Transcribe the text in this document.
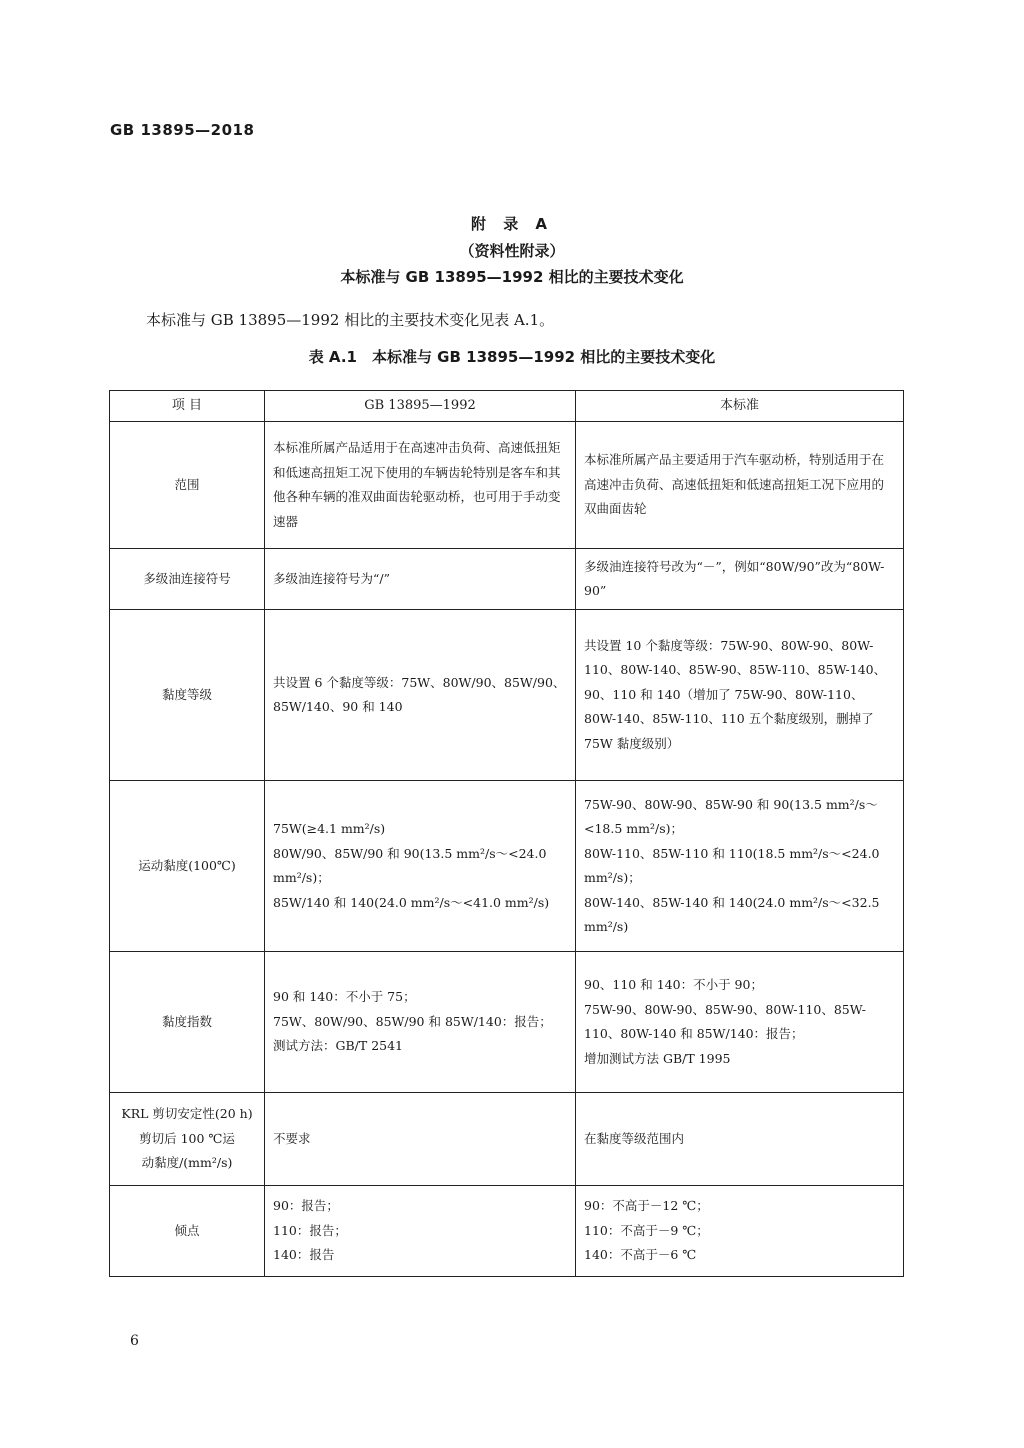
GB 13895—2018
附 录 A
（资料性附录）
本标准与 GB 13895—1992 相比的主要技术变化
本标准与 GB 13895—1992 相比的主要技术变化见表 A.1。
表 A.1　本标准与 GB 13895—1992 相比的主要技术变化
项 目	GB 13895—1992	本标准

范围	本标准所属产品适用于在高速冲击负荷、高速低扭矩和低速高扭矩工况下使用的车辆齿轮特别是客车和其他各种车辆的准双曲面齿轮驱动桥，也可用于手动变速器	本标准所属产品主要适用于汽车驱动桥，特别适用于在高速冲击负荷、高速低扭矩和低速高扭矩工况下应用的双曲面齿轮

多级油连接符号	多级油连接符号为“/”	多级油连接符号改为“－”，例如“80W/90”改为“80W-90”

黏度等级	共设置 6 个黏度等级：75W、80W/90、85W/90、85W/140、90 和 140	共设置 10 个黏度等级：75W-90、80W-90、80W-110、80W-140、85W-90、85W-110、85W-140、90、110 和 140（增加了 75W-90、80W-110、80W-140、85W-110、110 五个黏度级别，删掉了 75W 黏度级别）

运动黏度(100℃)	75W(≥4.1 mm²/s)
80W/90、85W/90 和 90(13.5 mm²/s～<24.0 mm²/s)；
85W/140 和 140(24.0 mm²/s～<41.0 mm²/s)	75W-90、80W-90、85W-90 和 90(13.5 mm²/s～<18.5 mm²/s)；
80W-110、85W-110 和 110(18.5 mm²/s～<24.0 mm²/s)；
80W-140、85W-140 和 140(24.0 mm²/s～<32.5 mm²/s)

黏度指数	90 和 140：不小于 75；
75W、80W/90、85W/90 和 85W/140：报告；
测试方法：GB/T 2541	90、110 和 140：不小于 90；
75W-90、80W-90、85W-90、80W-110、85W-110、80W-140 和 85W/140：报告；
增加测试方法 GB/T 1995

KRL 剪切安定性(20 h)
剪切后 100 ℃运
动黏度/(mm²/s)	不要求	在黏度等级范围内

倾点	90：报告；
110：报告；
140：报告	90：不高于－12 ℃；
110：不高于－9 ℃；
140：不高于－6 ℃
6
